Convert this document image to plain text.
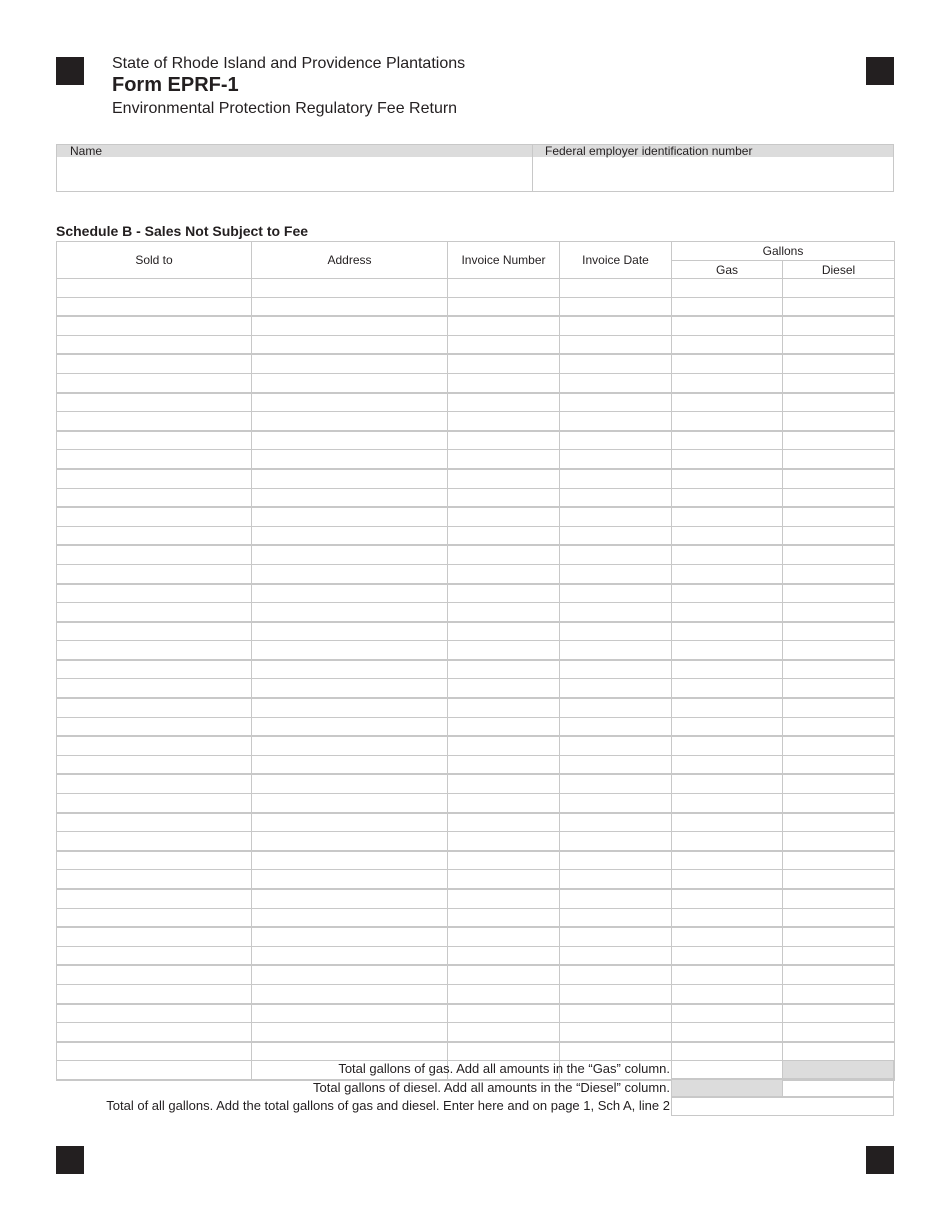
State of Rhode Island and Providence Plantations
Form EPRF-1
Environmental Protection Regulatory Fee Return
Name	Federal employer identification number
Schedule B - Sales Not Subject to Fee
Sold to	Address	Invoice Number	Invoice Date	Gallons	
				Gas	Diesel

Total gallons of gas. Add all amounts in the “Gas” column.
Total gallons of diesel. Add all amounts in the “Diesel” column.
Total of all gallons. Add the total gallons of gas and diesel. Enter here and on page 1, Sch A, line 2
